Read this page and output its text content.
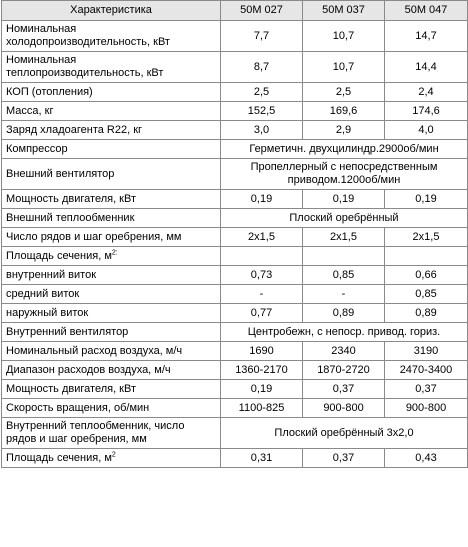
Характеристика	50M 027	50M 037	50M 047
Номинальная холодопроизводительность, кВт	7,7	10,7	14,7
Номинальная теплопроизводительность, кВт	8,7	10,7	14,4
КОП (отопления)	2,5	2,5	2,4
Масса, кг	152,5	169,6	174,6
Заряд хладоагента R22, кг	3,0	2,9	4,0
Компрессор	Герметичн. двухцилиндр.2900об/мин		
Внешний вентилятор	Пропеллерный с непосредственным приводом.1200об/мин		
Мощность двигателя, кВт	0,19	0,19	0,19
Внешний теплообменник	Плоский оребрённый		
Число рядов и шаг оребрения, мм	2x1,5	2x1,5	2x1,5
Площадь сечения, $м^{2:}$			
внутренний виток	0,73	0,85	0,66
средний виток	-	-	0,85
наружный виток	0,77	0,89	0,89
Внутренний вентилятор	Центробежн, с непоср. привод. гориз.		
Номинальный расход воздуха, м/ч	1690	2340	3190
Диапазон расходов воздуха, м/ч	1360-2170	1870-2720	2470-3400
Мощность двигателя, кВт	0,19	0,37	0,37
Скорость вращения, об/мин	1100-825	900-800	900-800
Внутренний теплообменник, число рядов и шаг оребрения, мм	Плоский оребрённый 3x2,0		
Площадь сечения, $м^2$	0,31	0,37	0,43
